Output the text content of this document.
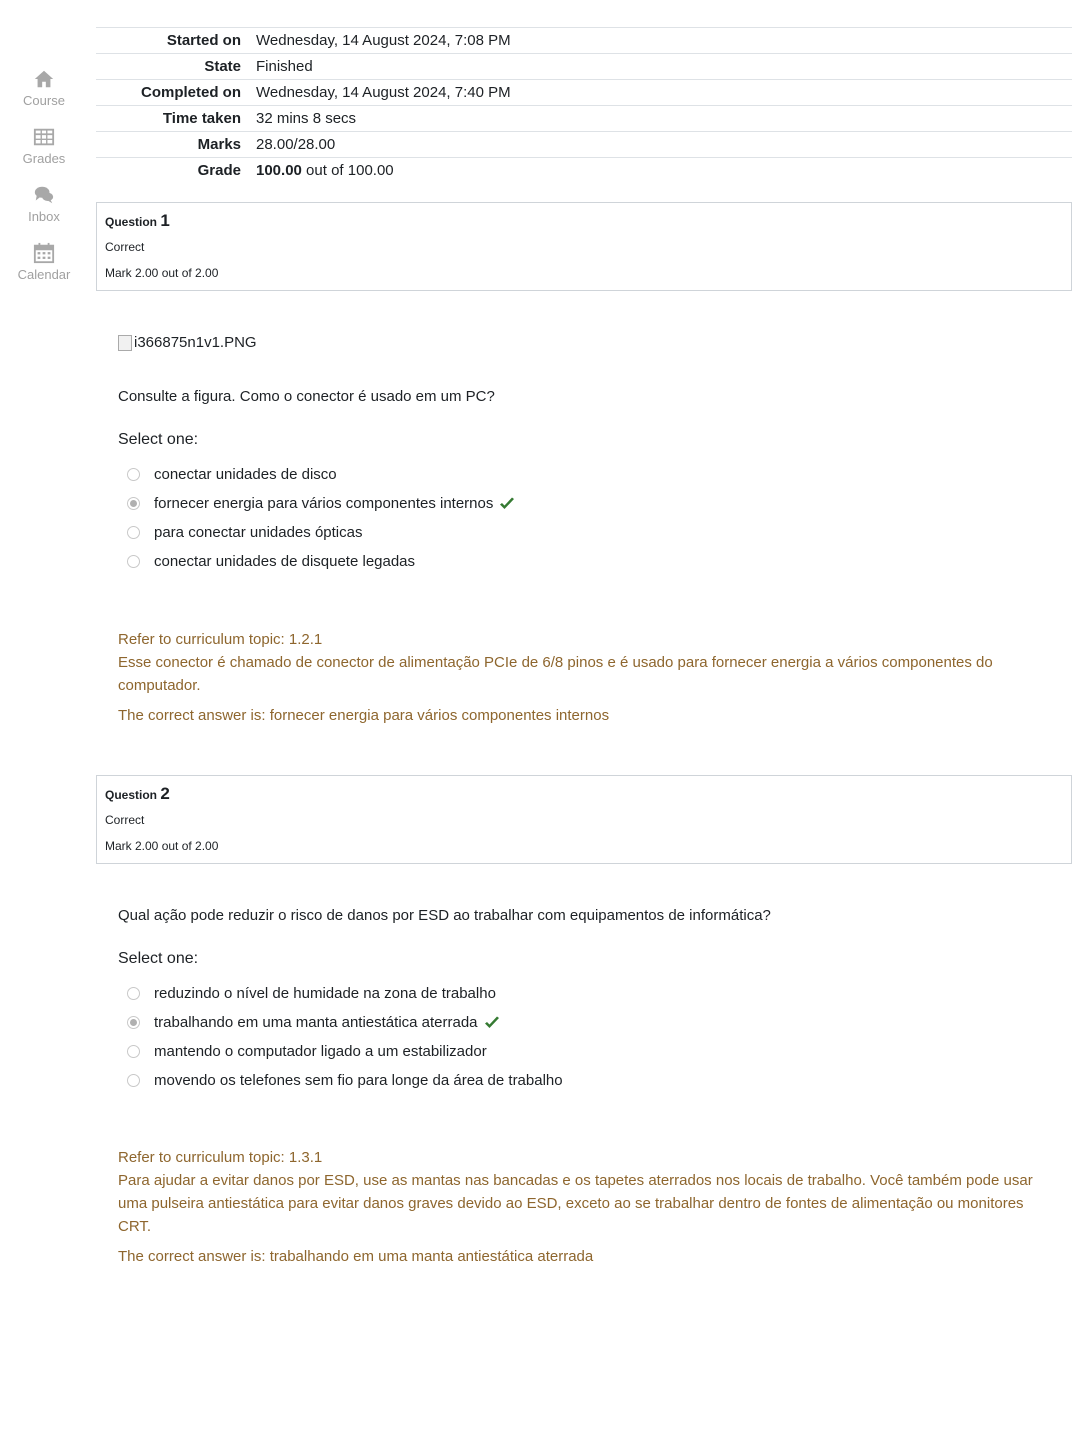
Course
Grades
Inbox
Calendar
Started on	Wednesday, 14 August 2024, 7:08 PM
State	Finished
Completed on	Wednesday, 14 August 2024, 7:40 PM
Time taken	32 mins 8 secs
Marks	28.00/28.00
Grade	100.00 out of 100.00
Question 1
Correct
Mark 2.00 out of 2.00
i366875n1v1.PNG
Consulte a figura. Como o conector é usado em um PC?
Select one:
conectar unidades de disco
fornecer energia para vários componentes internos
para conectar unidades ópticas
conectar unidades de disquete legadas
Refer to curriculum topic: 1.2.1
Esse conector é chamado de conector de alimentação PCIe de 6/8 pinos e é usado para fornecer energia a vários componentes do computador.
The correct answer is: fornecer energia para vários componentes internos
Question 2
Correct
Mark 2.00 out of 2.00
Qual ação pode reduzir o risco de danos por ESD ao trabalhar com equipamentos de informática?
Select one:
reduzindo o nível de humidade na zona de trabalho
trabalhando em uma manta antiestática aterrada
mantendo o computador ligado a um estabilizador
movendo os telefones sem fio para longe da área de trabalho
Refer to curriculum topic: 1.3.1
Para ajudar a evitar danos por ESD, use as mantas nas bancadas e os tapetes aterrados nos locais de trabalho. Você também pode usar uma pulseira antiestática para evitar danos graves devido ao ESD, exceto ao se trabalhar dentro de fontes de alimentação ou monitores CRT.
The correct answer is: trabalhando em uma manta antiestática aterrada
